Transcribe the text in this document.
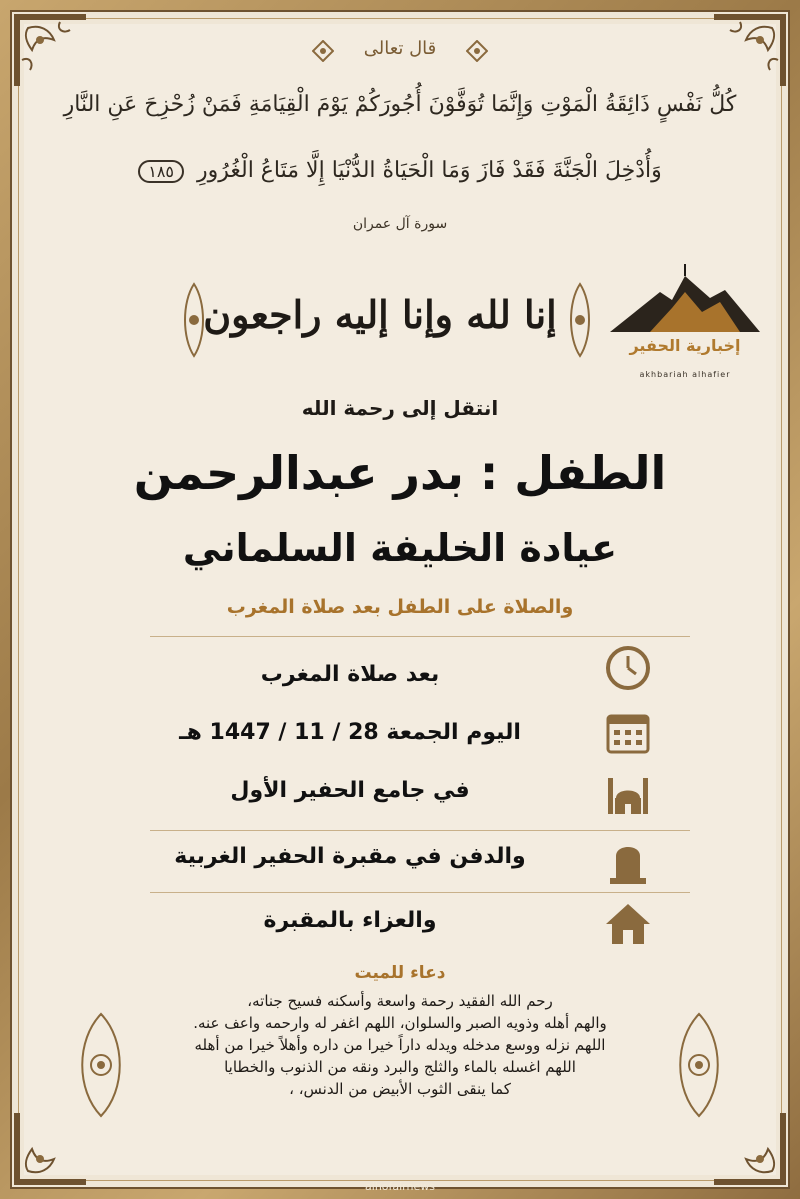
قال تعالى
كُلُّ نَفْسٍ ذَائِقَةُ الْمَوْتِ وَإِنَّمَا تُوَفَّوْنَ أُجُورَكُمْ يَوْمَ الْقِيَامَةِ فَمَنْ زُحْزِحَ عَنِ النَّارِ
وَأُدْخِلَ الْجَنَّةَ فَقَدْ فَازَ وَمَا الْحَيَاةُ الدُّنْيَا إِلَّا مَتَاعُ الْغُرُورِ ١٨٥
سورة آل عمران
إنا لله وإنا إليه راجعون
إخبارية الحفير
akhbariah alhafier
انتقل إلى رحمة الله
الطفل : بدر عبدالرحمن
عيادة الخليفة السلماني
والصلاة على الطفل بعد صلاة المغرب
بعد صلاة المغرب
اليوم الجمعة 28 / 11 / 1447 هـ
في جامع الحفير الأول
والدفن في مقبرة الحفير الغربية
والعزاء بالمقبرة
دعاء للميت
رحم الله الفقيد رحمة واسعة وأسكنه فسيح جناته،
والهم أهله وذويه الصبر والسلوان، اللهم اغفر له وارحمه واعف عنه.
اللهم نزله ووسع مدخله ويدله داراً خيرا من داره وأهلاً خيرا من أهله
اللهم اغسله بالماء والثلج والبرد ونقه من الذنوب والخطايا
كما ينقى الثوب الأبيض من الدنس، ،
alhofairnews
